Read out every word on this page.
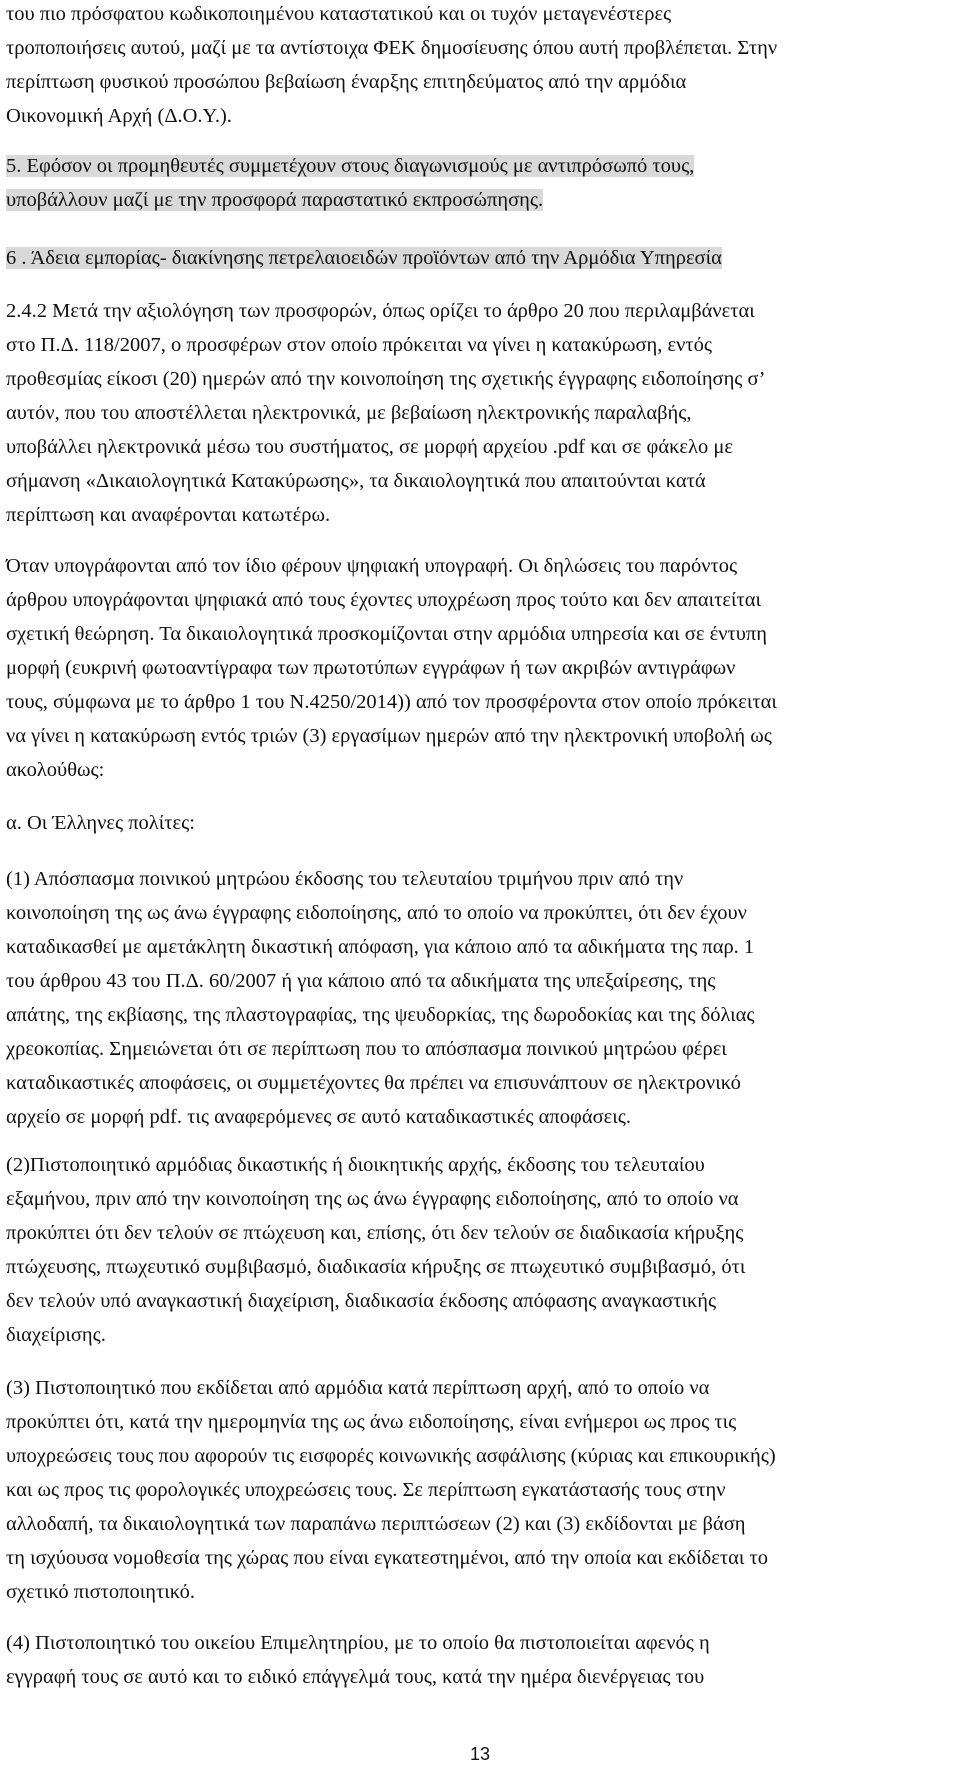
του πιο πρόσφατου κωδικοποιημένου καταστατικού και οι τυχόν μεταγενέστερες
τροποποιήσεις αυτού, μαζί με τα αντίστοιχα ΦΕΚ δημοσίευσης όπου αυτή προβλέπεται. Στην
περίπτωση φυσικού προσώπου βεβαίωση έναρξης επιτηδεύματος από την αρμόδια
Οικονομική Αρχή (Δ.Ο.Υ.).
5. Εφόσον οι προμηθευτές συμμετέχουν στους διαγωνισμούς με αντιπρόσωπό τους,
υποβάλλουν μαζί με την προσφορά παραστατικό εκπροσώπησης.
6 . Άδεια εμπορίας- διακίνησης πετρελαιοειδών προϊόντων από την Αρμόδια Υπηρεσία
2.4.2 Μετά την αξιολόγηση των προσφορών, όπως ορίζει το άρθρο 20 που περιλαμβάνεται
στο Π.Δ. 118/2007, ο προσφέρων στον οποίο πρόκειται να γίνει η κατακύρωση, εντός
προθεσμίας είκοσι (20) ημερών από την κοινοποίηση της σχετικής έγγραφης ειδοποίησης σ’
αυτόν, που του αποστέλλεται ηλεκτρονικά, με βεβαίωση ηλεκτρονικής παραλαβής,
υποβάλλει ηλεκτρονικά μέσω του συστήματος, σε μορφή αρχείου .pdf και σε φάκελο με
σήμανση «Δικαιολογητικά Κατακύρωσης», τα δικαιολογητικά που απαιτούνται κατά
περίπτωση και αναφέρονται κατωτέρω.
Όταν υπογράφονται από τον ίδιο φέρουν ψηφιακή υπογραφή. Οι δηλώσεις του παρόντος
άρθρου υπογράφονται ψηφιακά από τους έχοντες υποχρέωση προς τούτο και δεν απαιτείται
σχετική θεώρηση. Τα δικαιολογητικά προσκομίζονται στην αρμόδια υπηρεσία και σε έντυπη
μορφή (ευκρινή φωτοαντίγραφα των πρωτοτύπων εγγράφων ή των ακριβών αντιγράφων
τους, σύμφωνα με το άρθρο 1 του Ν.4250/2014)) από τον προσφέροντα στον οποίο πρόκειται
να γίνει η κατακύρωση εντός τριών (3) εργασίμων ημερών από την ηλεκτρονική υποβολή ως
ακολούθως:
α. Οι Έλληνες πολίτες:
(1) Απόσπασμα ποινικού μητρώου έκδοσης του τελευταίου τριμήνου πριν από την
κοινοποίηση της ως άνω έγγραφης ειδοποίησης, από το οποίο να προκύπτει, ότι δεν έχουν
καταδικασθεί με αμετάκλητη δικαστική απόφαση, για κάποιο από τα αδικήματα της παρ. 1
του άρθρου 43 του Π.Δ. 60/2007 ή για κάποιο από τα αδικήματα της υπεξαίρεσης, της
απάτης, της εκβίασης, της πλαστογραφίας, της ψευδορκίας, της δωροδοκίας και της δόλιας
χρεοκοπίας. Σημειώνεται ότι σε περίπτωση που το απόσπασμα ποινικού μητρώου φέρει
καταδικαστικές αποφάσεις, οι συμμετέχοντες θα πρέπει να επισυνάπτουν σε ηλεκτρονικό
αρχείο σε μορφή pdf. τις αναφερόμενες σε αυτό καταδικαστικές αποφάσεις.
(2)Πιστοποιητικό αρμόδιας δικαστικής ή διοικητικής αρχής, έκδοσης του τελευταίου
εξαμήνου, πριν από την κοινοποίηση της ως άνω έγγραφης ειδοποίησης, από το οποίο να
προκύπτει ότι δεν τελούν σε πτώχευση και, επίσης, ότι δεν τελούν σε διαδικασία κήρυξης
πτώχευσης, πτωχευτικό συμβιβασμό, διαδικασία κήρυξης σε πτωχευτικό συμβιβασμό, ότι
δεν τελούν υπό αναγκαστική διαχείριση, διαδικασία έκδοσης απόφασης αναγκαστικής
διαχείρισης.
(3) Πιστοποιητικό που εκδίδεται από αρμόδια κατά περίπτωση αρχή, από το οποίο να
προκύπτει ότι, κατά την ημερομηνία της ως άνω ειδοποίησης, είναι ενήμεροι ως προς τις
υποχρεώσεις τους που αφορούν τις εισφορές κοινωνικής ασφάλισης (κύριας και επικουρικής)
και ως προς τις φορολογικές υποχρεώσεις τους. Σε περίπτωση εγκατάστασής τους στην
αλλοδαπή, τα δικαιολογητικά των παραπάνω περιπτώσεων (2) και (3) εκδίδονται με βάση
τη ισχύουσα νομοθεσία της χώρας που είναι εγκατεστημένοι, από την οποία και εκδίδεται το
σχετικό πιστοποιητικό.
(4) Πιστοποιητικό του οικείου Επιμελητηρίου, με το οποίο θα πιστοποιείται αφενός η
εγγραφή τους σε αυτό και το ειδικό επάγγελμά τους, κατά την ημέρα διενέργειας του
13
